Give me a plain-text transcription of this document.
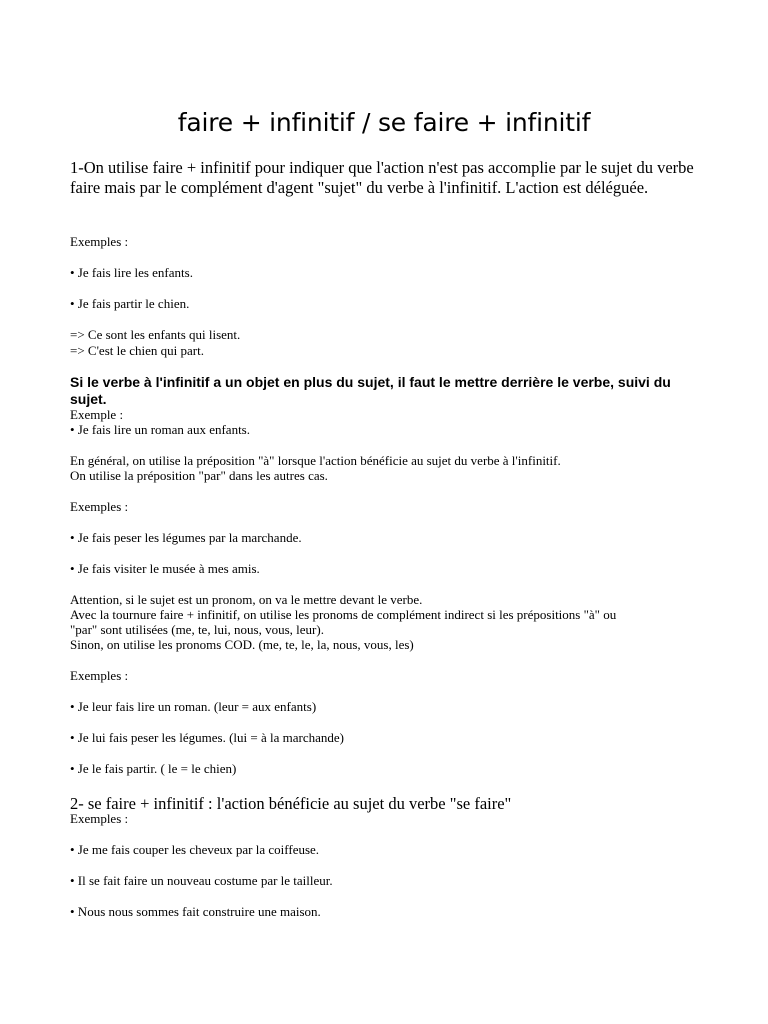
faire + infinitif / se faire + infinitif
1-On utilise faire + infinitif pour indiquer que l'action n'est pas accomplie par le sujet du verbe faire mais par le complément d'agent "sujet" du verbe à l'infinitif. L'action est déléguée.
Exemples :
• Je fais lire les enfants.
• Je fais partir le chien.
=> Ce sont les enfants qui lisent.
=> C'est le chien qui part.
Si le verbe à l'infinitif a un objet en plus du sujet, il faut le mettre derrière le verbe, suivi du sujet.
Exemple :
• Je fais lire un roman aux enfants.
En général, on utilise la préposition "à" lorsque l'action bénéficie au sujet du verbe à l'infinitif.
On utilise la préposition "par" dans les autres cas.
Exemples :
• Je fais peser les légumes par la marchande.
• Je fais visiter le musée à mes amis.
Attention, si le sujet est un pronom, on va le mettre devant le verbe.
Avec la tournure faire + infinitif, on utilise les pronoms de complément indirect si les prépositions "à" ou
"par" sont utilisées (me, te, lui, nous, vous, leur).
Sinon, on utilise les pronoms COD. (me, te, le, la, nous, vous, les)
Exemples :
• Je leur fais lire un roman. (leur = aux enfants)
• Je lui fais peser les légumes. (lui = à la marchande)
• Je le fais partir. ( le = le chien)
2- se faire + infinitif : l'action bénéficie au sujet du verbe "se faire"
Exemples :
• Je me fais couper les cheveux par la coiffeuse.
• Il se fait faire un nouveau costume par le tailleur.
• Nous nous sommes fait construire une maison.
